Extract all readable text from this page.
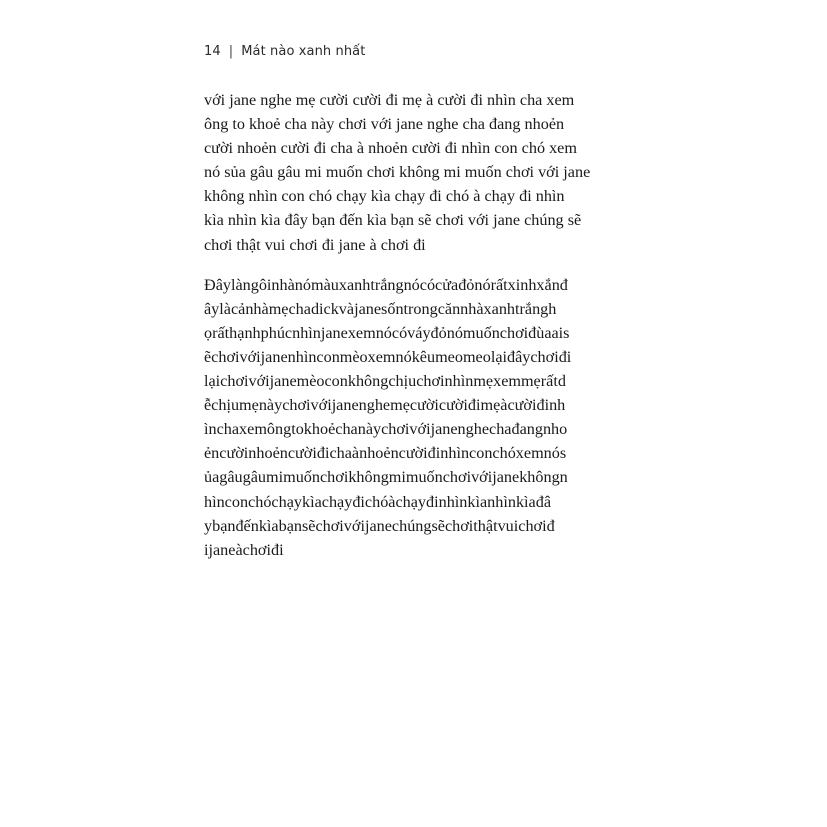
14 | Mát nào xanh nhất

với jane nghe mẹ cười cười đi mẹ à cười đi nhìn cha xem
ông to khoẻ cha này chơi với jane nghe cha đang nhoẻn
cười nhoẻn cười đi cha à nhoẻn cười đi nhìn con chó xem
nó sủa gâu gâu mi muốn chơi không mi muốn chơi với jane
không nhìn con chó chạy kìa chạy đi chó à chạy đi nhìn
kìa nhìn kìa đây bạn đến kìa bạn sẽ chơi với jane chúng sẽ
chơi thật vui chơi đi jane à chơi đi

Đâylàngôinhànómàuxanhtrắngnócócửađỏnórấtxinhxắnđ
âylàcảnhàmẹchadickvàjanesốntrongcănnhàxanhtrắngh
ọrấthạnhphúcnhìnjanexemnócóváyđỏnómuốnchơiđùaais
ẽchơivớijanenhìnconmèoxemnókêumeomeolạiđâychơiđi
lạichơivớijanemèoconkhôngchịuchơinhìnmẹxemmẹrấtd
ễchịumẹnàychơivớijanenghemẹcườicườiđimẹàcườiđinh
ìnchaxemôngtokhoẻchanàychơivớijanenghechađangnho
ẻncườinhoẻncườiđichaànhoẻncườiđinhìnconchóxemnós
ủagâugâumimuốnchơikhôngmimuốnchơivớijanekhôngn
hìnconchóchạykìachạyđichóàchạyđinhìnkìanhìnkìađâ
ybạnđếnkìabạnsẽchơivớijanechúngsẽchơithậtvuichơiđ
ijaneàchơiđi
